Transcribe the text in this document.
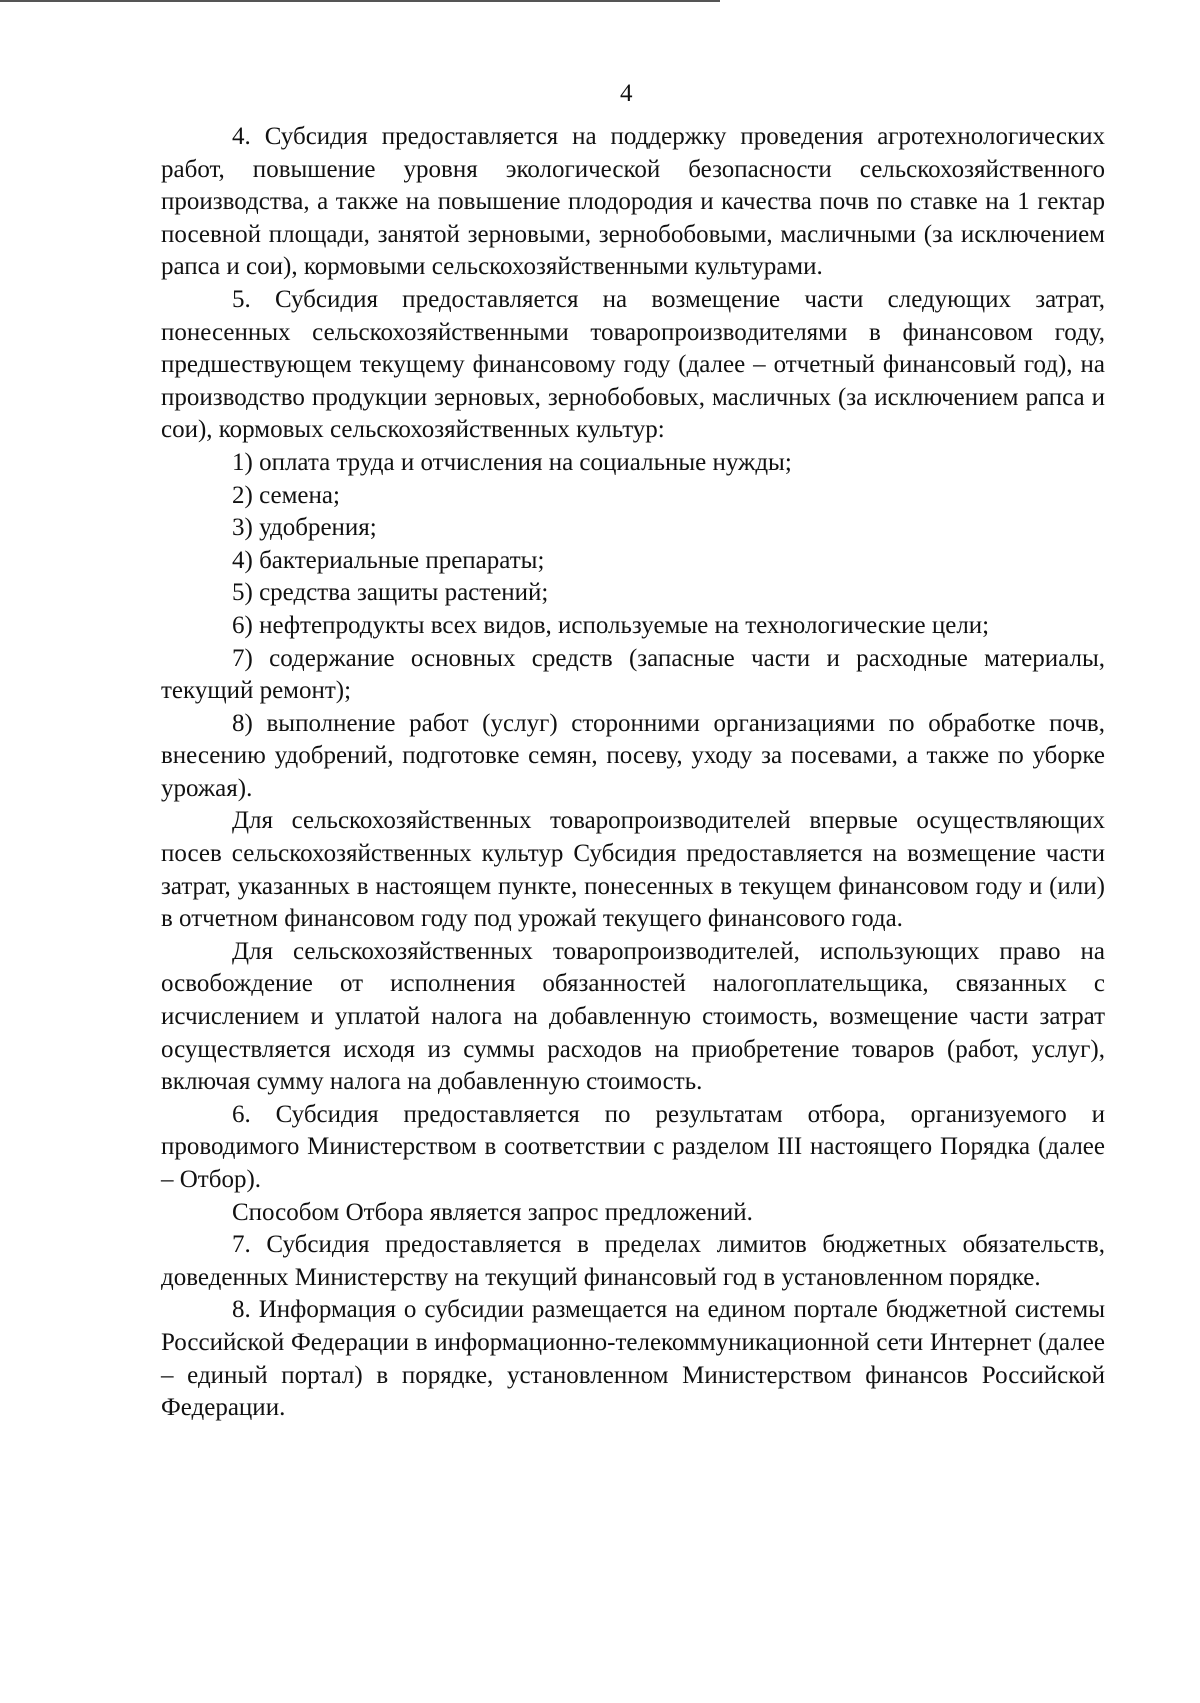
4

4. Субсидия предоставляется на поддержку проведения агротехнологических работ, повышение уровня экологической безопасности сельскохозяйственного производства, а также на повышение плодородия и качества почв по ставке на 1 гектар посевной площади, занятой зерновыми, зернобобовыми, масличными (за исключением рапса и сои), кормовыми сельскохозяйственными культурами.

5. Субсидия предоставляется на возмещение части следующих затрат, понесенных сельскохозяйственными товаропроизводителями в финансовом году, предшествующем текущему финансовому году (далее – отчетный финансовый год), на производство продукции зерновых, зернобобовых, масличных (за исключением рапса и сои), кормовых сельскохозяйственных культур:

1) оплата труда и отчисления на социальные нужды;

2) семена;

3) удобрения;

4) бактериальные препараты;

5) средства защиты растений;

6) нефтепродукты всех видов, используемые на технологические цели;

7) содержание основных средств (запасные части и расходные материалы, текущий ремонт);

8) выполнение работ (услуг) сторонними организациями по обработке почв, внесению удобрений, подготовке семян, посеву, уходу за посевами, а также по уборке урожая).

Для сельскохозяйственных товаропроизводителей впервые осуществляющих посев сельскохозяйственных культур Субсидия предоставляется на возмещение части затрат, указанных в настоящем пункте, понесенных в текущем финансовом году и (или) в отчетном финансовом году под урожай текущего финансового года.

Для сельскохозяйственных товаропроизводителей, использующих право на освобождение от исполнения обязанностей налогоплательщика, связанных с исчислением и уплатой налога на добавленную стоимость, возмещение части затрат осуществляется исходя из суммы расходов на приобретение товаров (работ, услуг), включая сумму налога на добавленную стоимость.

6. Субсидия предоставляется по результатам отбора, организуемого и проводимого Министерством в соответствии с разделом III настоящего Порядка (далее – Отбор).

Способом Отбора является запрос предложений.

7. Субсидия предоставляется в пределах лимитов бюджетных обязательств, доведенных Министерству на текущий финансовый год в установленном порядке.

8. Информация о субсидии размещается на едином портале бюджетной системы Российской Федерации в информационно-телекоммуникационной сети Интернет (далее – единый портал) в порядке, установленном Министерством финансов Российской Федерации.
